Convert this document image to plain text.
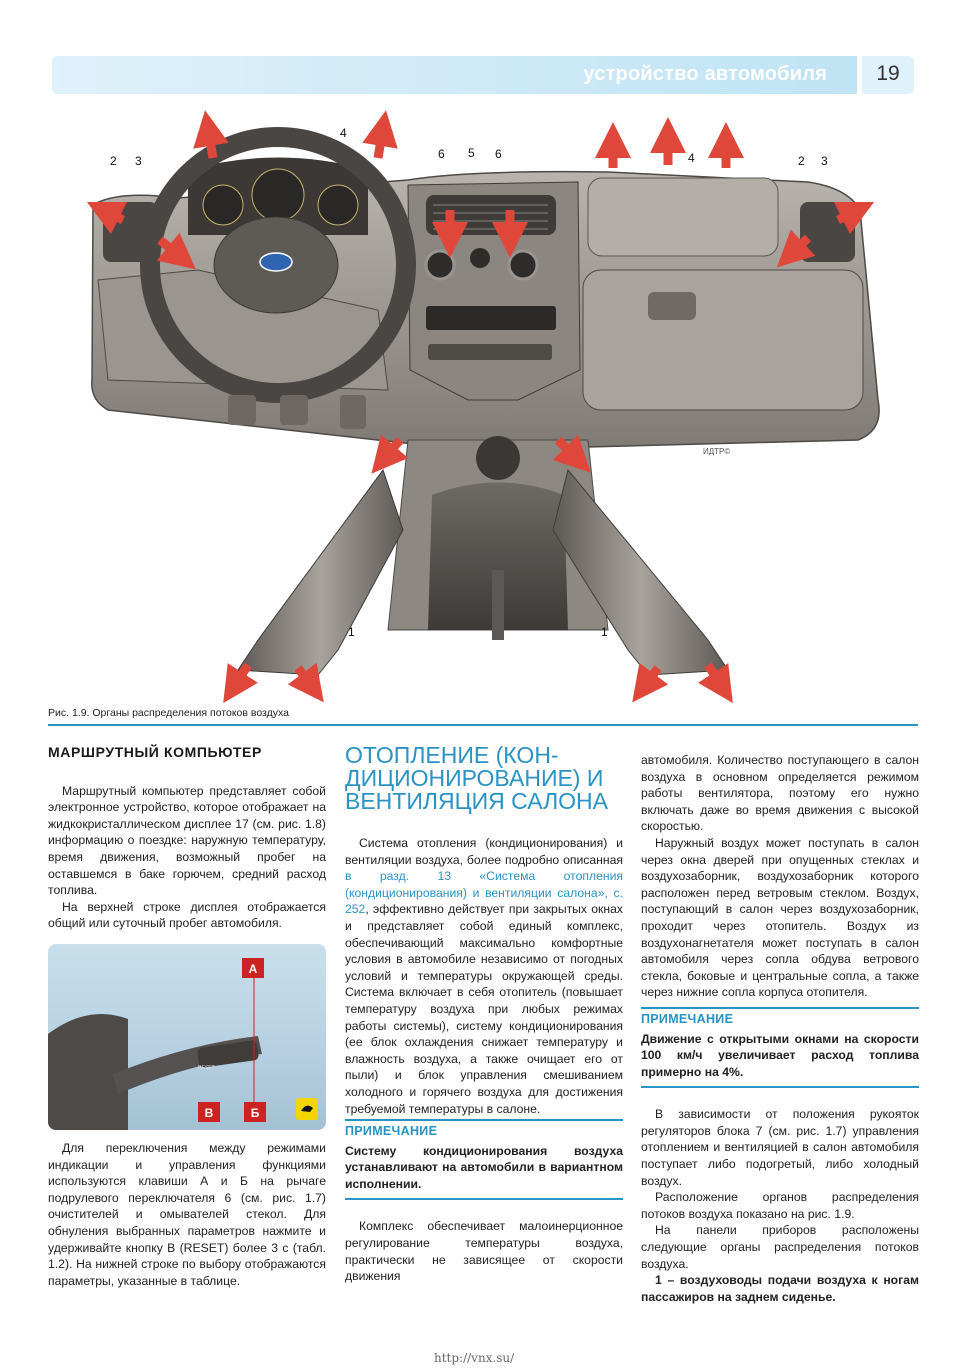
устройство автомобиля	19
1	1
2	2
3	3
4
4
5
6	6
ИДТР©
Рис. 1.9. Органы распределения потоков воздуха
МАРШРУТНЫЙ КОМПЬЮТЕР

Маршрутный компьютер представляет собой электронное устройство, которое отображает на жидкокристаллическом дисплее 17 (см. рис. 1.8) информацию о поездке: наружную температуру, время движения, возможный пробег на оставшемся в баке горючем, средний расход топлива.

На верхней строке дисплея отображается общий или суточный пробег автомобиля.

А
В	Б
RESET

Для переключения между режимами индикации и управления функциями используются клавиши А и Б на рычаге подрулевого переключателя 6 (см. рис. 1.7) очистителей и омывателей стекол. Для обнуления выбранных параметров нажмите и удерживайте кнопку В (RESET) более 3 с (табл. 1.2). На нижней строке по выбору отображаются параметры, указанные в таблице.

ОТОПЛЕНИЕ (КОН-ДИЦИОНИРОВАНИЕ) И ВЕНТИЛЯЦИЯ САЛОНА

Система отопления (кондиционирования) и вентиляции воздуха, более подробно описанная в разд. 13 «Система отопления (кондиционирования) и вентиляции салона», с. 252, эффективно действует при закрытых окнах и представляет собой единый комплекс, обеспечивающий максимально комфортные условия в автомобиле независимо от погодных условий и температуры окружающей среды. Система включает в себя отопитель (повышает температуру воздуха при любых режимах работы системы), систему кондиционирования (ее блок охлаждения снижает температуру и влажность воздуха, а также очищает его от пыли) и блок управления смешиванием холодного и горячего воздуха для достижения требуемой температуры в салоне.

ПРИМЕЧАНИЕ

Систему кондиционирования воздуха устанавливают на автомобили в вариантном исполнении.

Комплекс обеспечивает малоинерционное регулирование температуры воздуха, практически не зависящее от скорости движения

автомобиля. Количество поступающего в салон воздуха в основном определяется режимом работы вентилятора, поэтому его нужно включать даже во время движения с высокой скоростью.

Наружный воздух может поступать в салон через окна дверей при опущенных стеклах и воздухозаборник, воздухозаборник которого расположен перед ветровым стеклом. Воздух, поступающий в салон через воздухозаборник, проходит через отопитель. Воздух из воздухонагнетателя может поступать в салон автомобиля через сопла обдува ветрового стекла, боковые и центральные сопла, а также через нижние сопла корпуса отопителя.

ПРИМЕЧАНИЕ

Движение с открытыми окнами на скорости 100 км/ч увеличивает расход топлива примерно на 4%.

В зависимости от положения рукояток регуляторов блока 7 (см. рис. 1.7) управления отоплением и вентиляцией в салон автомобиля поступает либо подогретый, либо холодный воздух.

Расположение органов распределения потоков воздуха показано на рис. 1.9.

На панели приборов расположены следующие органы распределения потоков воздуха.

1 – воздуховоды подачи воздуха к ногам пассажиров на заднем сиденье.

http://vnx.su/
